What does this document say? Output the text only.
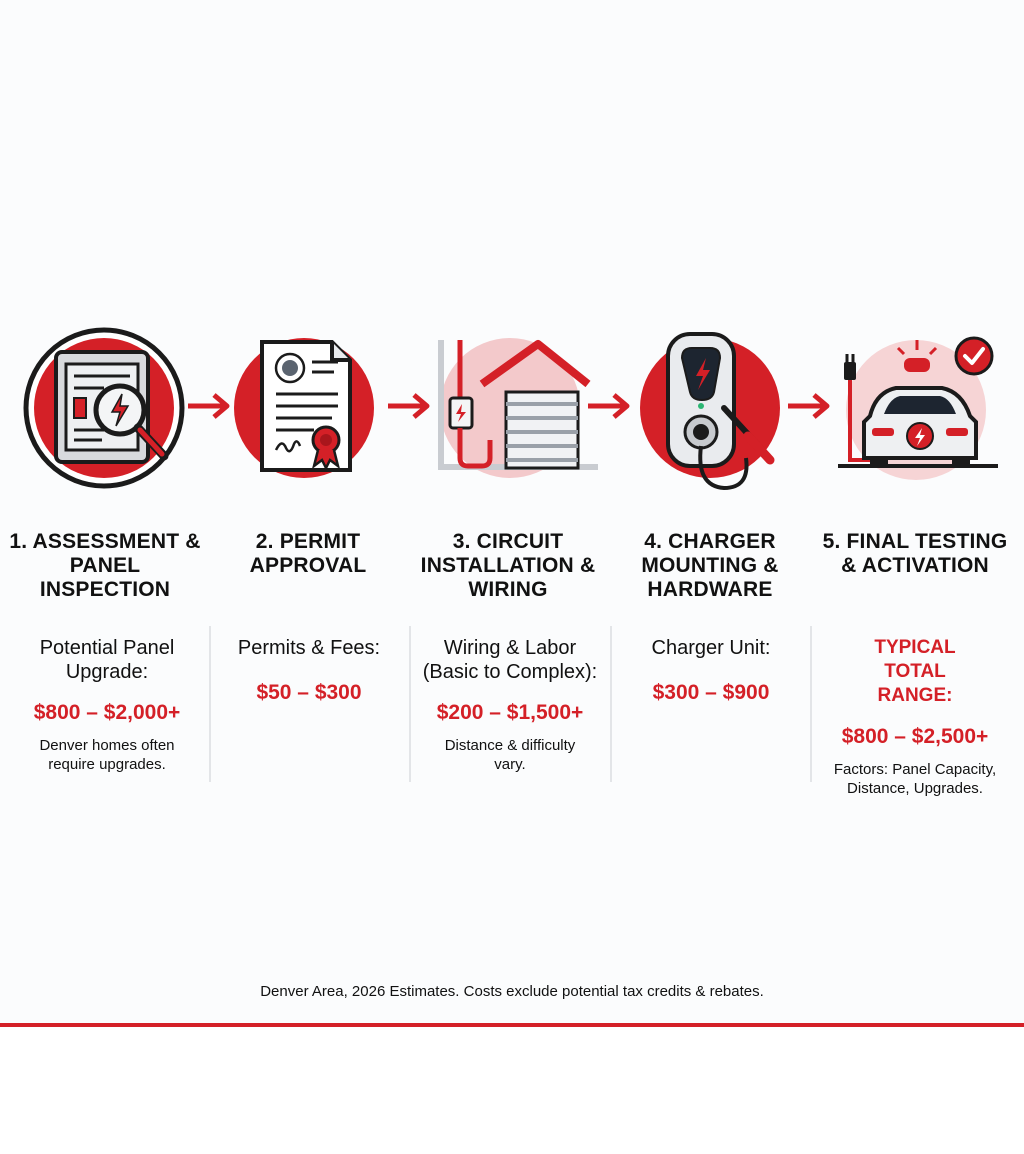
1. ASSESSMENT & PANEL INSPECTION
2. PERMIT APPROVAL
3. CIRCUIT INSTALLATION & WIRING
4. CHARGER MOUNTING & HARDWARE
5. FINAL TESTING & ACTIVATION
Potential Panel Upgrade:
$800 – $2,000+
Denver homes often require upgrades.
Permits & Fees:
$50 – $300
Wiring & Labor (Basic to Complex):
$200 – $1,500+
Distance & difficulty vary.
Charger Unit:
$300 – $900
TYPICAL TOTAL RANGE:
$800 – $2,500+
Factors: Panel Capacity, Distance, Upgrades.
Denver Area, 2026 Estimates. Costs exclude potential tax credits & rebates.
